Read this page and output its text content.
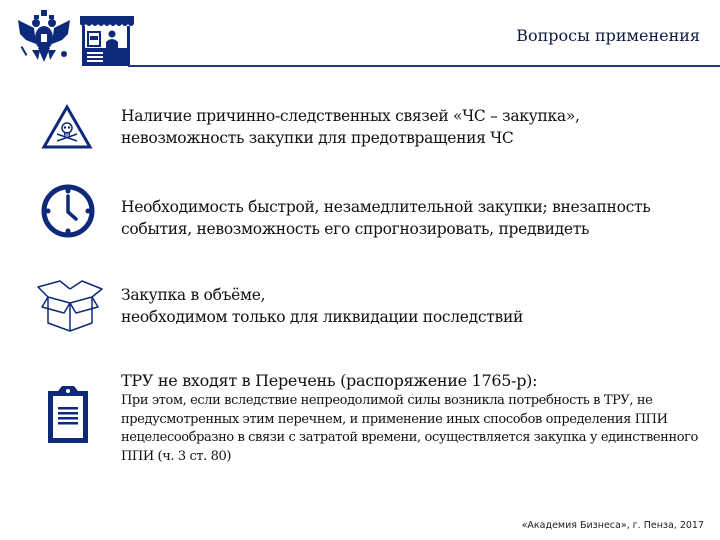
Вопросы применения
Наличие причинно-следственных связей «ЧС – закупка»,
невозможность закупки для предотвращения ЧС
Необходимость быстрой, незамедлительной закупки; внезапность
события, невозможность его спрогнозировать, предвидеть
Закупка в объёме,
необходимом только для ликвидации последствий
ТРУ не входят в Перечень (распоряжение 1765-р):
При этом, если вследствие непреодолимой силы возникла потребность в ТРУ, не
предусмотренных этим перечнем, и применение иных способов определения ППИ
нецелесообразно в связи с затратой времени, осуществляется закупка у единственного
ППИ (ч. 3 ст. 80)
«Академия Бизнеса», г. Пенза, 2017
